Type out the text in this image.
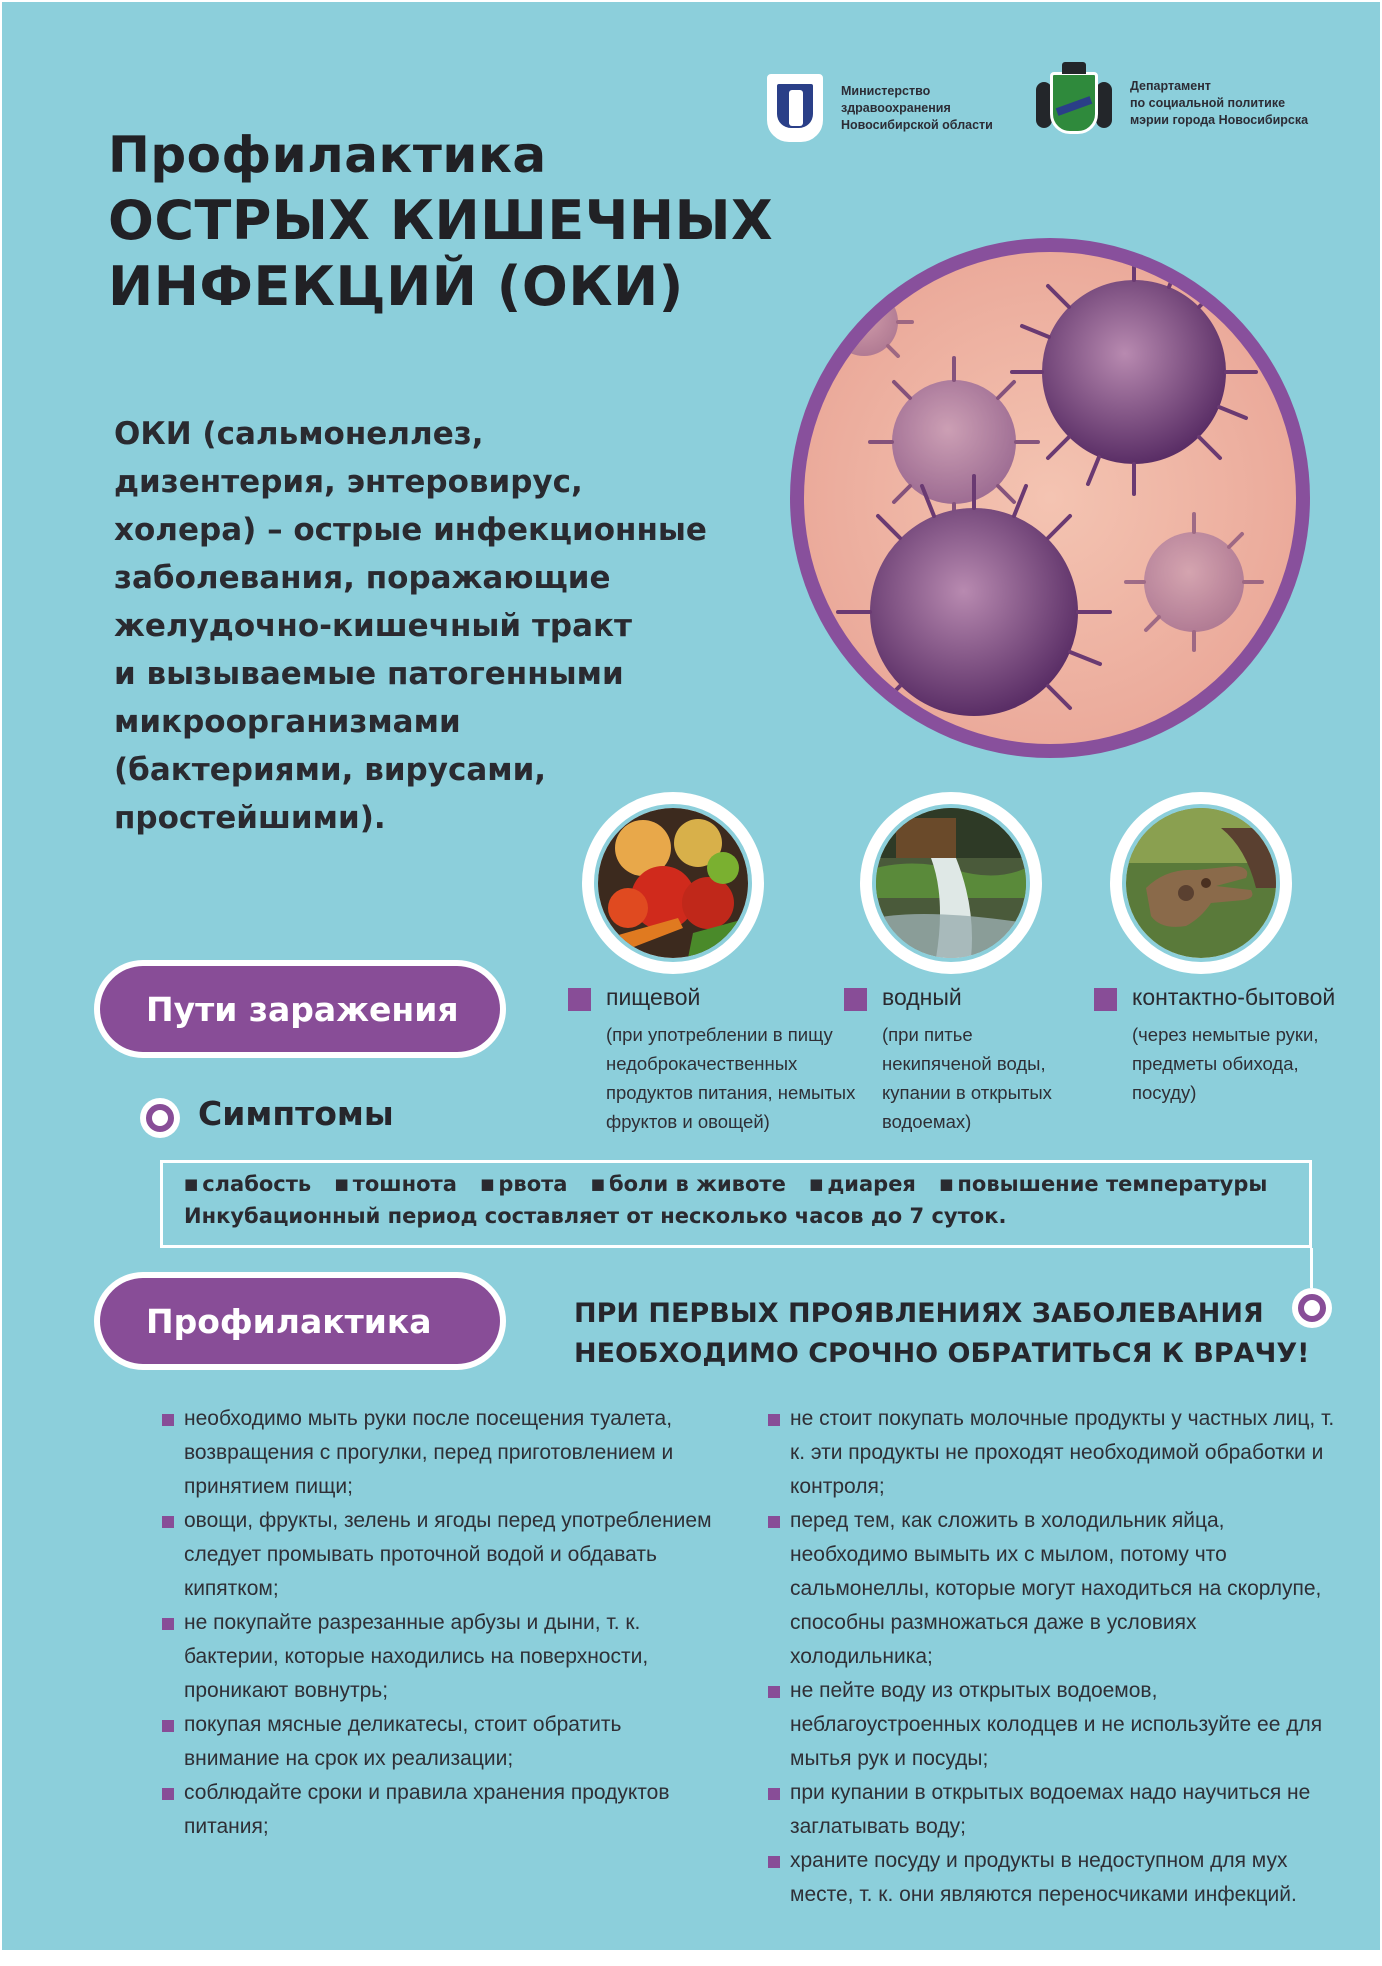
Министерство
здравоохранения
Новосибирской области
Департамент
по социальной политике
мэрии города Новосибирска
Профилактика
ОСТРЫХ КИШЕЧНЫХ
ИНФЕКЦИЙ (ОКИ)
ОКИ (сальмонеллез,
дизентерия, энтеровирус,
холера) – острые инфекционные
заболевания, поражающие
желудочно-кишечный тракт
и вызываемые патогенными
микроорганизмами
(бактериями, вирусами,
простейшими).
Пути заражения	пищевой
(при употреблении в пищу
недоброкачественных
продуктов питания, немытых
фруктов и овощей)
водный
(при питье
некипяченой воды,
купании в открытых
водоемах)
контактно-бытовой
(через немытые руки,
предметы обихода,
посуду)
Симптомы
■ слабость ■ тошнота ■ рвота ■ боли в животе ■ диарея ■ повышение температуры
Инкубационный период составляет от несколько часов до 7 суток.
Профилактика	ПРИ ПЕРВЫХ ПРОЯВЛЕНИЯХ ЗАБОЛЕВАНИЯ
НЕОБХОДИМО СРОЧНО ОБРАТИТЬСЯ К ВРАЧУ!
необходимо мыть руки после посещения туалета, возвращения с прогулки, перед приготовлением и принятием пищи;
овощи, фрукты, зелень и ягоды перед употреблением следует промывать проточной водой и обдавать кипятком;
не покупайте разрезанные арбузы и дыни, т. к. бактерии, которые находились на поверхности, проникают вовнутрь;
покупая мясные деликатесы, стоит обратить внимание на срок их реализации;
соблюдайте сроки и правила хранения продуктов питания;
не стоит покупать молочные продукты у частных лиц, т. к. эти продукты не проходят необходимой обработки и контроля;
перед тем, как сложить в холодильник яйца, необходимо вымыть их с мылом, потому что сальмонеллы, которые могут находиться на скорлупе, способны размножаться даже в условиях холодильника;
не пейте воду из открытых водоемов, неблагоустроенных колодцев и не используйте ее для мытья рук и посуды;
при купании в открытых водоемах надо научиться не заглатывать воду;
храните посуду и продукты в недоступном для мух месте, т. к. они являются переносчиками инфекций.
